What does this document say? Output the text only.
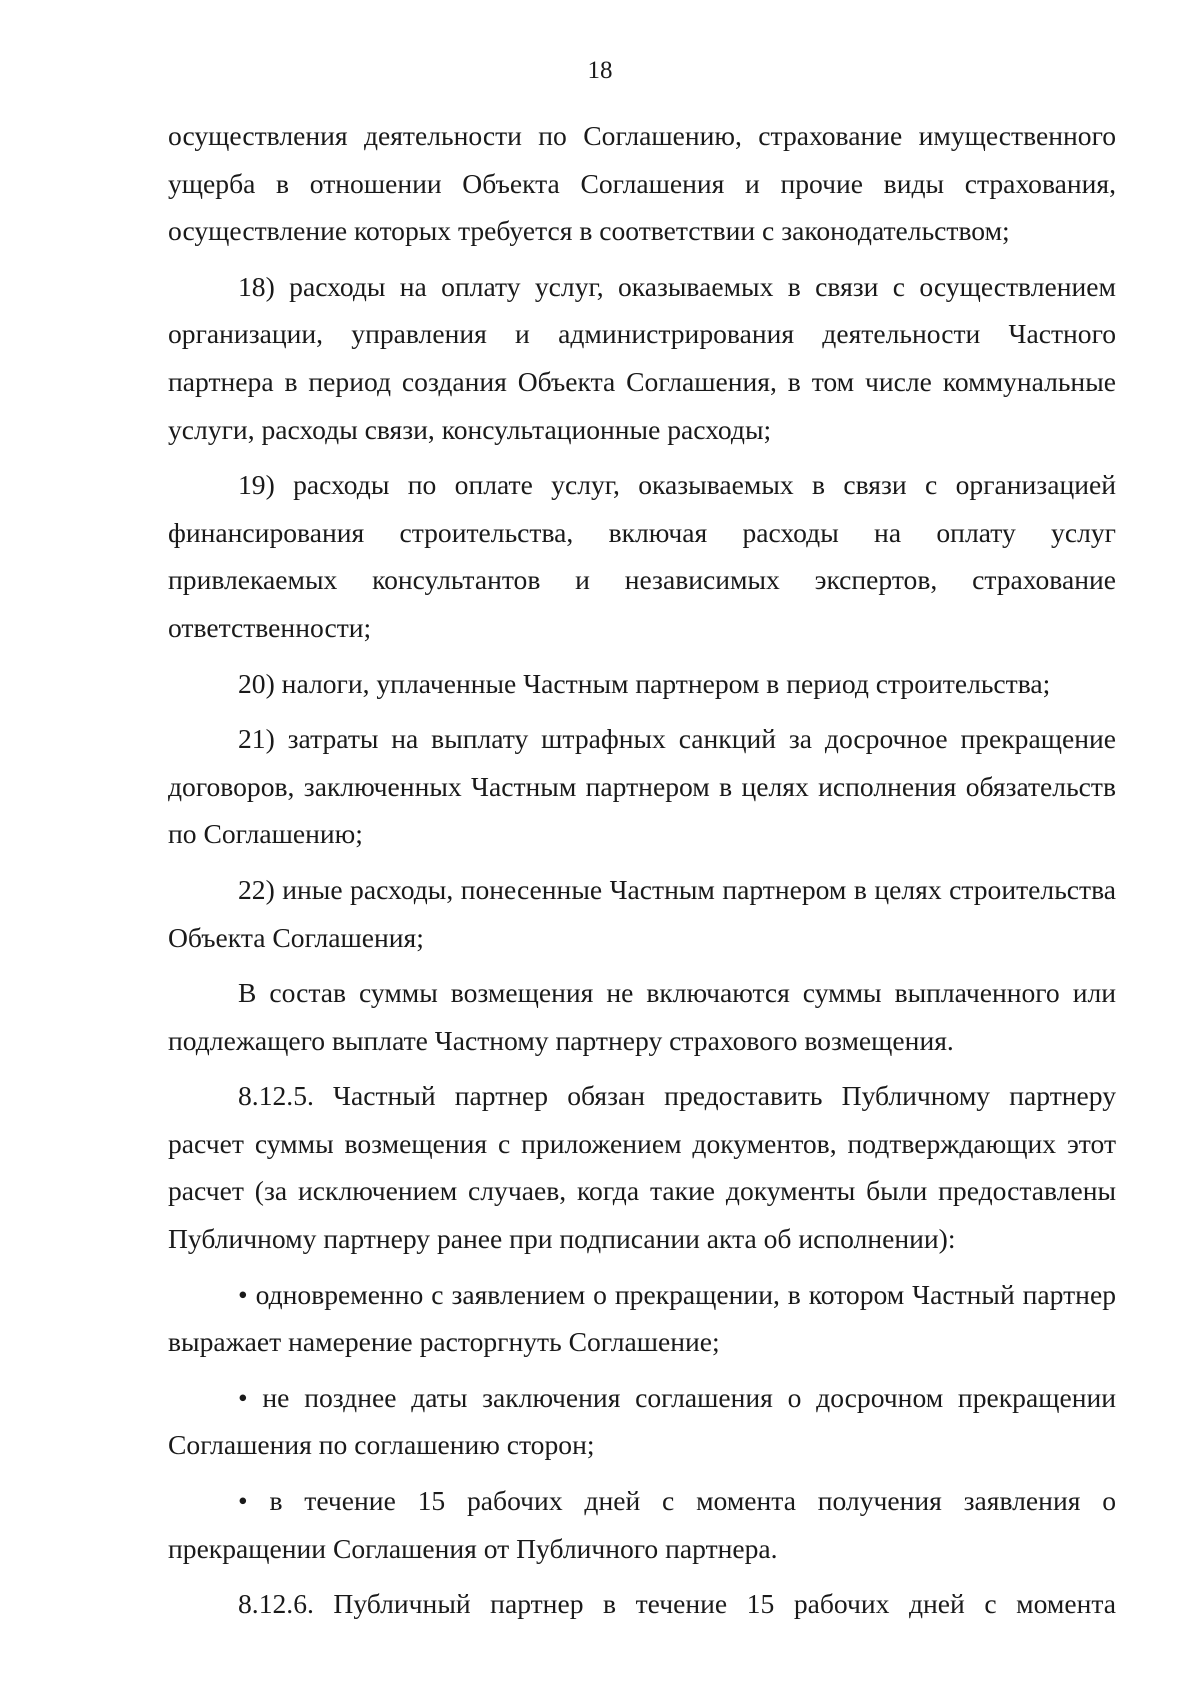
18

осуществления деятельности по Соглашению, страхование имущественного ущерба в отношении Объекта Соглашения и прочие виды страхования, осуществление которых требуется в соответствии с законодательством;

18) расходы на оплату услуг, оказываемых в связи с осуществлением организации, управления и администрирования деятельности Частного партнера в период создания Объекта Соглашения, в том числе коммунальные услуги, расходы связи, консультационные расходы;

19) расходы по оплате услуг, оказываемых в связи с организацией финансирования строительства, включая расходы на оплату услуг привлекаемых консультантов и независимых экспертов, страхование ответственности;

20) налоги, уплаченные Частным партнером в период строительства;

21) затраты на выплату штрафных санкций за досрочное прекращение договоров, заключенных Частным партнером в целях исполнения обязательств по Соглашению;

22) иные расходы, понесенные Частным партнером в целях строительства Объекта Соглашения;

В состав суммы возмещения не включаются суммы выплаченного или подлежащего выплате Частному партнеру страхового возмещения.

8.12.5. Частный партнер обязан предоставить Публичному партнеру расчет суммы возмещения с приложением документов, подтверждающих этот расчет (за исключением случаев, когда такие документы были предоставлены Публичному партнеру ранее при подписании акта об исполнении):

• одновременно с заявлением о прекращении, в котором Частный партнер выражает намерение расторгнуть Соглашение;

• не позднее даты заключения соглашения о досрочном прекращении Соглашения по соглашению сторон;

• в течение 15 рабочих дней с момента получения заявления о прекращении Соглашения от Публичного партнера.

8.12.6. Публичный партнер в течение 15 рабочих дней с момента
